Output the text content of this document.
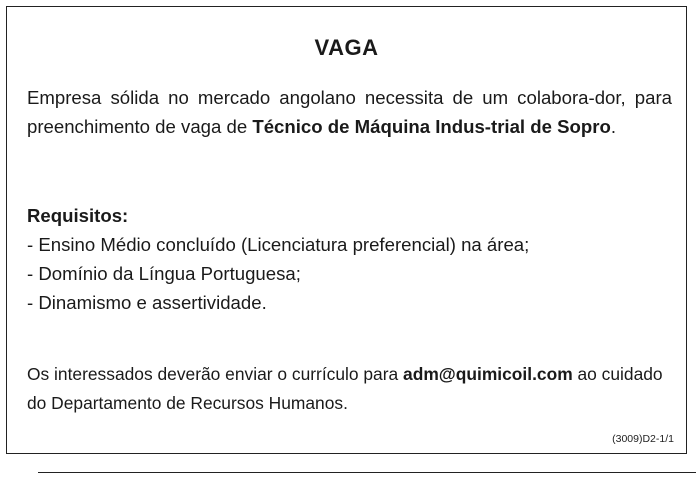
VAGA

Empresa sólida no mercado angolano necessita de um colabora-dor, para preenchimento de vaga de Técnico de Máquina Indus-trial de Sopro.

Requisitos:
- Ensino Médio concluído (Licenciatura preferencial) na área;
- Domínio da Língua Portuguesa;
- Dinamismo e assertividade.

Os interessados deverão enviar o currículo para adm@quimicoil.com ao cuidado do Departamento de Recursos Humanos.

(3009)D2-1/1
